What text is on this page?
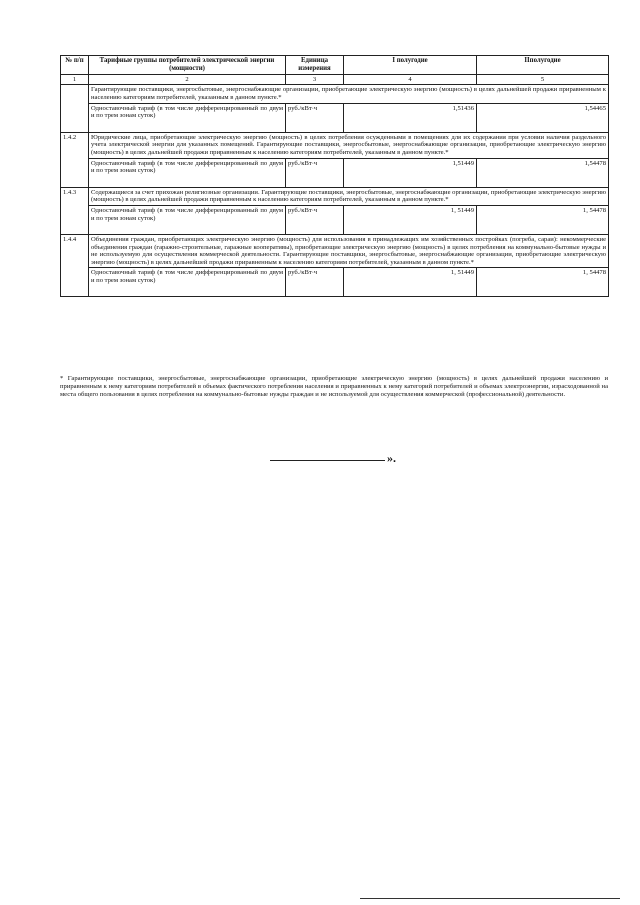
№ п/п	Тарифные группы потребителей электрической энергии (мощности)	Единица измерения	I полугодие	IIполугодие
1	2	3	4	5
	Гарантирующие поставщики, энергосбытовые, энергоснабжающие организации, приобретающие электрическую энергию (мощность) в целях дальнейшей продажи приравненным к населению категориям потребителей, указанным в данном пункте.*			
	Одноставочный тариф (в том числе дифференцированный по двум и по трем зонам суток)	руб./кВт·ч	1,51436	1,54465
1.4.2	Юридические лица, приобретающие электрическую энергию (мощность) в целях потребления осужденными в помещениях для их содержания при условии наличия раздельного учета электрической энергии для указанных помещений. Гарантирующие поставщики, энергосбытовые, энергоснабжающие организации, приобретающие электрическую энергию (мощность) в целях дальнейшей продажи приравненным к населению категориям потребителей, указанным в данном пункте.*			
	Одноставочный тариф (в том числе дифференцированный по двум и по трем зонам суток)	руб./кВт·ч	1,51449	1,54478
1.4.3	Содержащиеся за счет прихожан религиозные организации. Гарантирующие поставщики, энергосбытовые, энергоснабжающие организации, приобретающие электрическую энергию (мощность) в целях дальнейшей продажи приравненным к населению категориям потребителей, указанным в данном пункте.*			
	Одноставочный тариф (в том числе дифференцированный по двум и по трем зонам суток)	руб./кВт·ч	1, 51449	1, 54478
1.4.4	Объединения граждан, приобретающих электрическую энергию (мощность) для использования в принадлежащих им хозяйственных постройках (погреба, сараи): некоммерческие объединения граждан (гаражно-строительные, гаражные кооперативы), приобретающие электрическую энергию (мощность) в целях потребления на коммунально-бытовые нужды и не используемую для осуществления коммерческой деятельности. Гарантирующие поставщики, энергосбытовые, энергоснабжающие организации, приобретающие электрическую энергию (мощность) в целях дальнейшей продажи приравненным к населению категориям потребителей, указанным в данном пункте.*			
	Одноставочный тариф (в том числе дифференцированный по двум и по трем зонам суток)	руб./кВт·ч	1, 51449	1, 54478
* Гарантирующие поставщики, энергосбытовые, энергоснабжающие организации, приобретающие электрическую энергию (мощность) в целях дальнейшей продажи населению и приравненным к нему категориям потребителей в объемах фактического потребления населения и приравненных к нему категорий потребителей и объемах электроэнергии, израсходованной на места общего пользования в целях потребления на коммунально-бытовые нужды граждан и не используемой для осуществления коммерческой (профессиональной) деятельности.
».
